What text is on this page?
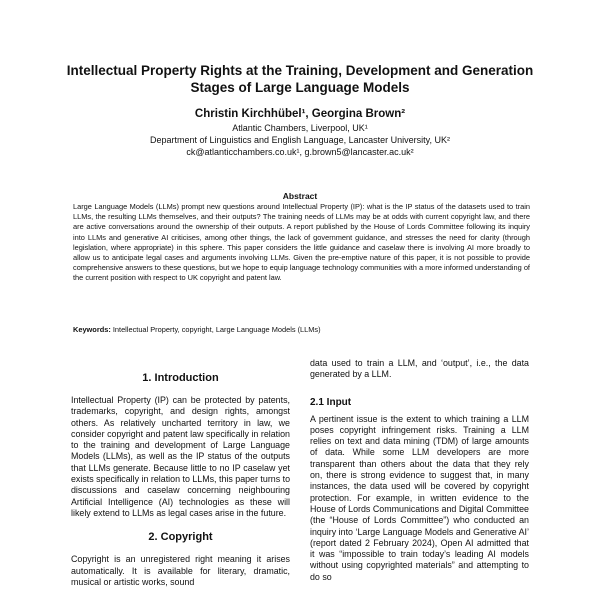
Intellectual Property Rights at the Training, Development and Generation
Stages of Large Language Models
Christin Kirchhübel¹, Georgina Brown²
Atlantic Chambers, Liverpool, UK¹
Department of Linguistics and English Language, Lancaster University, UK²
ck@atlanticchambers.co.uk¹, g.brown5@lancaster.ac.uk²
Abstract
Large Language Models (LLMs) prompt new questions around Intellectual Property (IP): what is the IP status of the datasets used to train LLMs, the resulting LLMs themselves, and their outputs? The training needs of LLMs may be at odds with current copyright law, and there are active conversations around the ownership of their outputs. A report published by the House of Lords Committee following its inquiry into LLMs and generative AI criticises, among other things, the lack of government guidance, and stresses the need for clarity (through legislation, where appropriate) in this sphere. This paper considers the little guidance and caselaw there is involving AI more broadly to allow us to anticipate legal cases and arguments involving LLMs. Given the pre-emptive nature of this paper, it is not possible to provide comprehensive answers to these questions, but we hope to equip language technology communities with a more informed understanding of the current position with respect to UK copyright and patent law.
Keywords: Intellectual Property, copyright, Large Language Models (LLMs)
1. Introduction

Intellectual Property (IP) can be protected by patents, trademarks, copyright, and design rights, amongst others. As relatively uncharted territory in law, we consider copyright and patent law specifically in relation to the training and development of Large Language Models (LLMs), as well as the IP status of the outputs that LLMs generate. Because little to no IP caselaw yet exists specifically in relation to LLMs, this paper turns to discussions and caselaw concerning neighbouring Artificial Intelligence (AI) technologies as these will likely extend to LLMs as legal cases arise in the future.

2. Copyright

Copyright is an unregistered right meaning it arises automatically. It is available for literary, dramatic, musical or artistic works, sound

data used to train a LLM, and ‘output’, i.e., the data generated by a LLM.

2.1 Input

A pertinent issue is the extent to which training a LLM poses copyright infringement risks. Training a LLM relies on text and data mining (TDM) of large amounts of data. While some LLM developers are more transparent than others about the data that they rely on, there is strong evidence to suggest that, in many instances, the data used will be covered by copyright protection. For example, in written evidence to the House of Lords Communications and Digital Committee (the “House of Lords Committee”) who conducted an inquiry into ‘Large Language Models and Generative AI’ (report dated 2 February 2024), Open AI admitted that it was “impossible to train today’s leading AI models without using copyrighted materials” and attempting to do so
